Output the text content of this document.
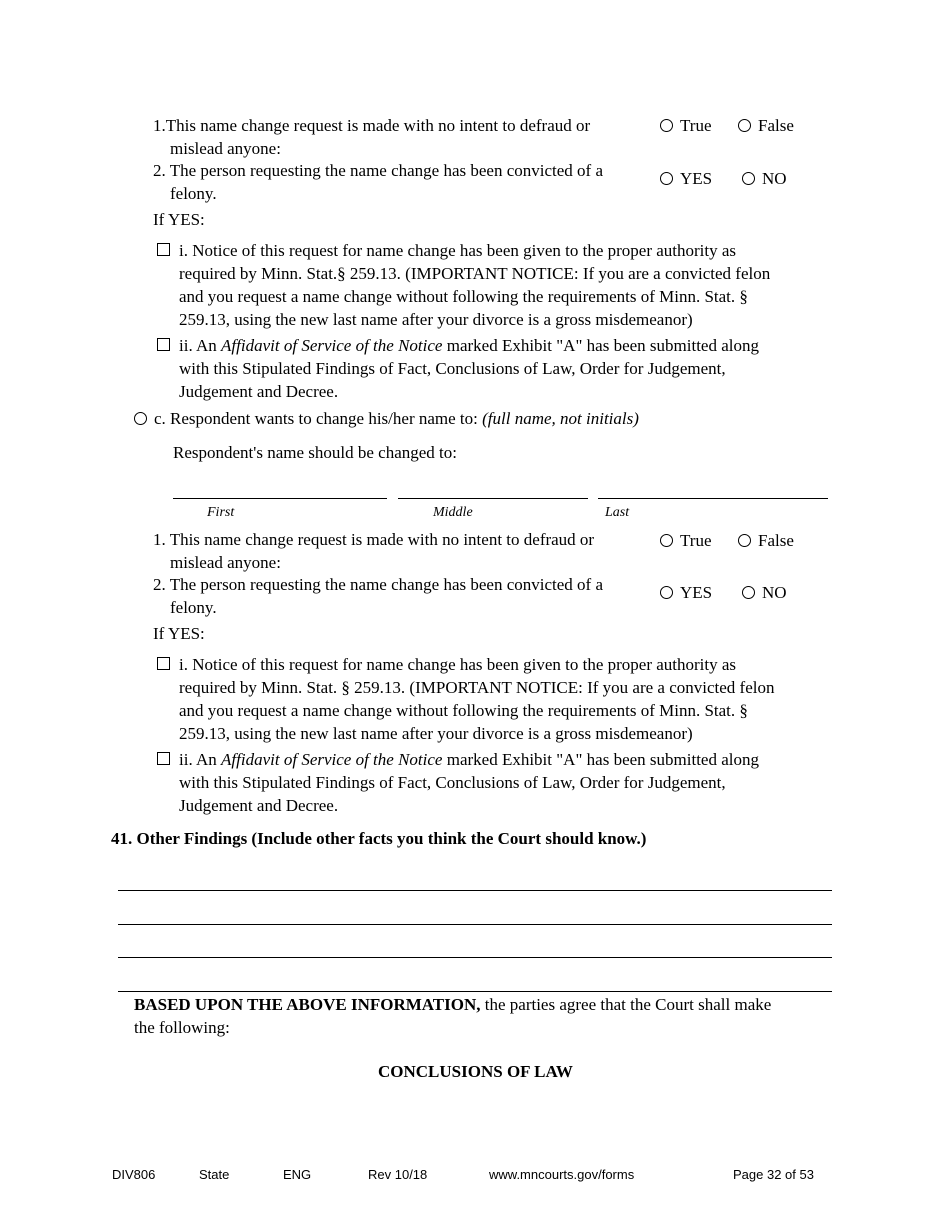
1.This name change request is made with no intent to defraud or
mislead anyone:
True	False
2. The person requesting the name change has been convicted of a
felony.
YES	NO
If YES:
i. Notice of this request for name change has been given to the proper authority as
required by Minn. Stat.§ 259.13. (IMPORTANT NOTICE: If you are a convicted felon
and you request a name change without following the requirements of Minn. Stat. §
259.13, using the new last name after your divorce is a gross misdemeanor)
ii. An Affidavit of Service of the Notice marked Exhibit "A" has been submitted along
with this Stipulated Findings of Fact, Conclusions of Law, Order for Judgement,
Judgement and Decree.
c. Respondent wants to change his/her name to: (full name, not initials)
Respondent's name should be changed to:
First	Middle	Last
1. This name change request is made with no intent to defraud or
mislead anyone:
True	False
2. The person requesting the name change has been convicted of a
felony.
YES	NO
If YES:
i. Notice of this request for name change has been given to the proper authority as
required by Minn. Stat. § 259.13. (IMPORTANT NOTICE: If you are a convicted felon
and you request a name change without following the requirements of Minn. Stat. §
259.13, using the new last name after your divorce is a gross misdemeanor)
ii. An Affidavit of Service of the Notice marked Exhibit "A" has been submitted along
with this Stipulated Findings of Fact, Conclusions of Law, Order for Judgement,
Judgement and Decree.
41. Other Findings (Include other facts you think the Court should know.)
BASED UPON THE ABOVE INFORMATION, the parties agree that the Court shall make
the following:
CONCLUSIONS OF LAW
DIV806	State	ENG	Rev 10/18	www.mncourts.gov/forms	Page 32 of 53
